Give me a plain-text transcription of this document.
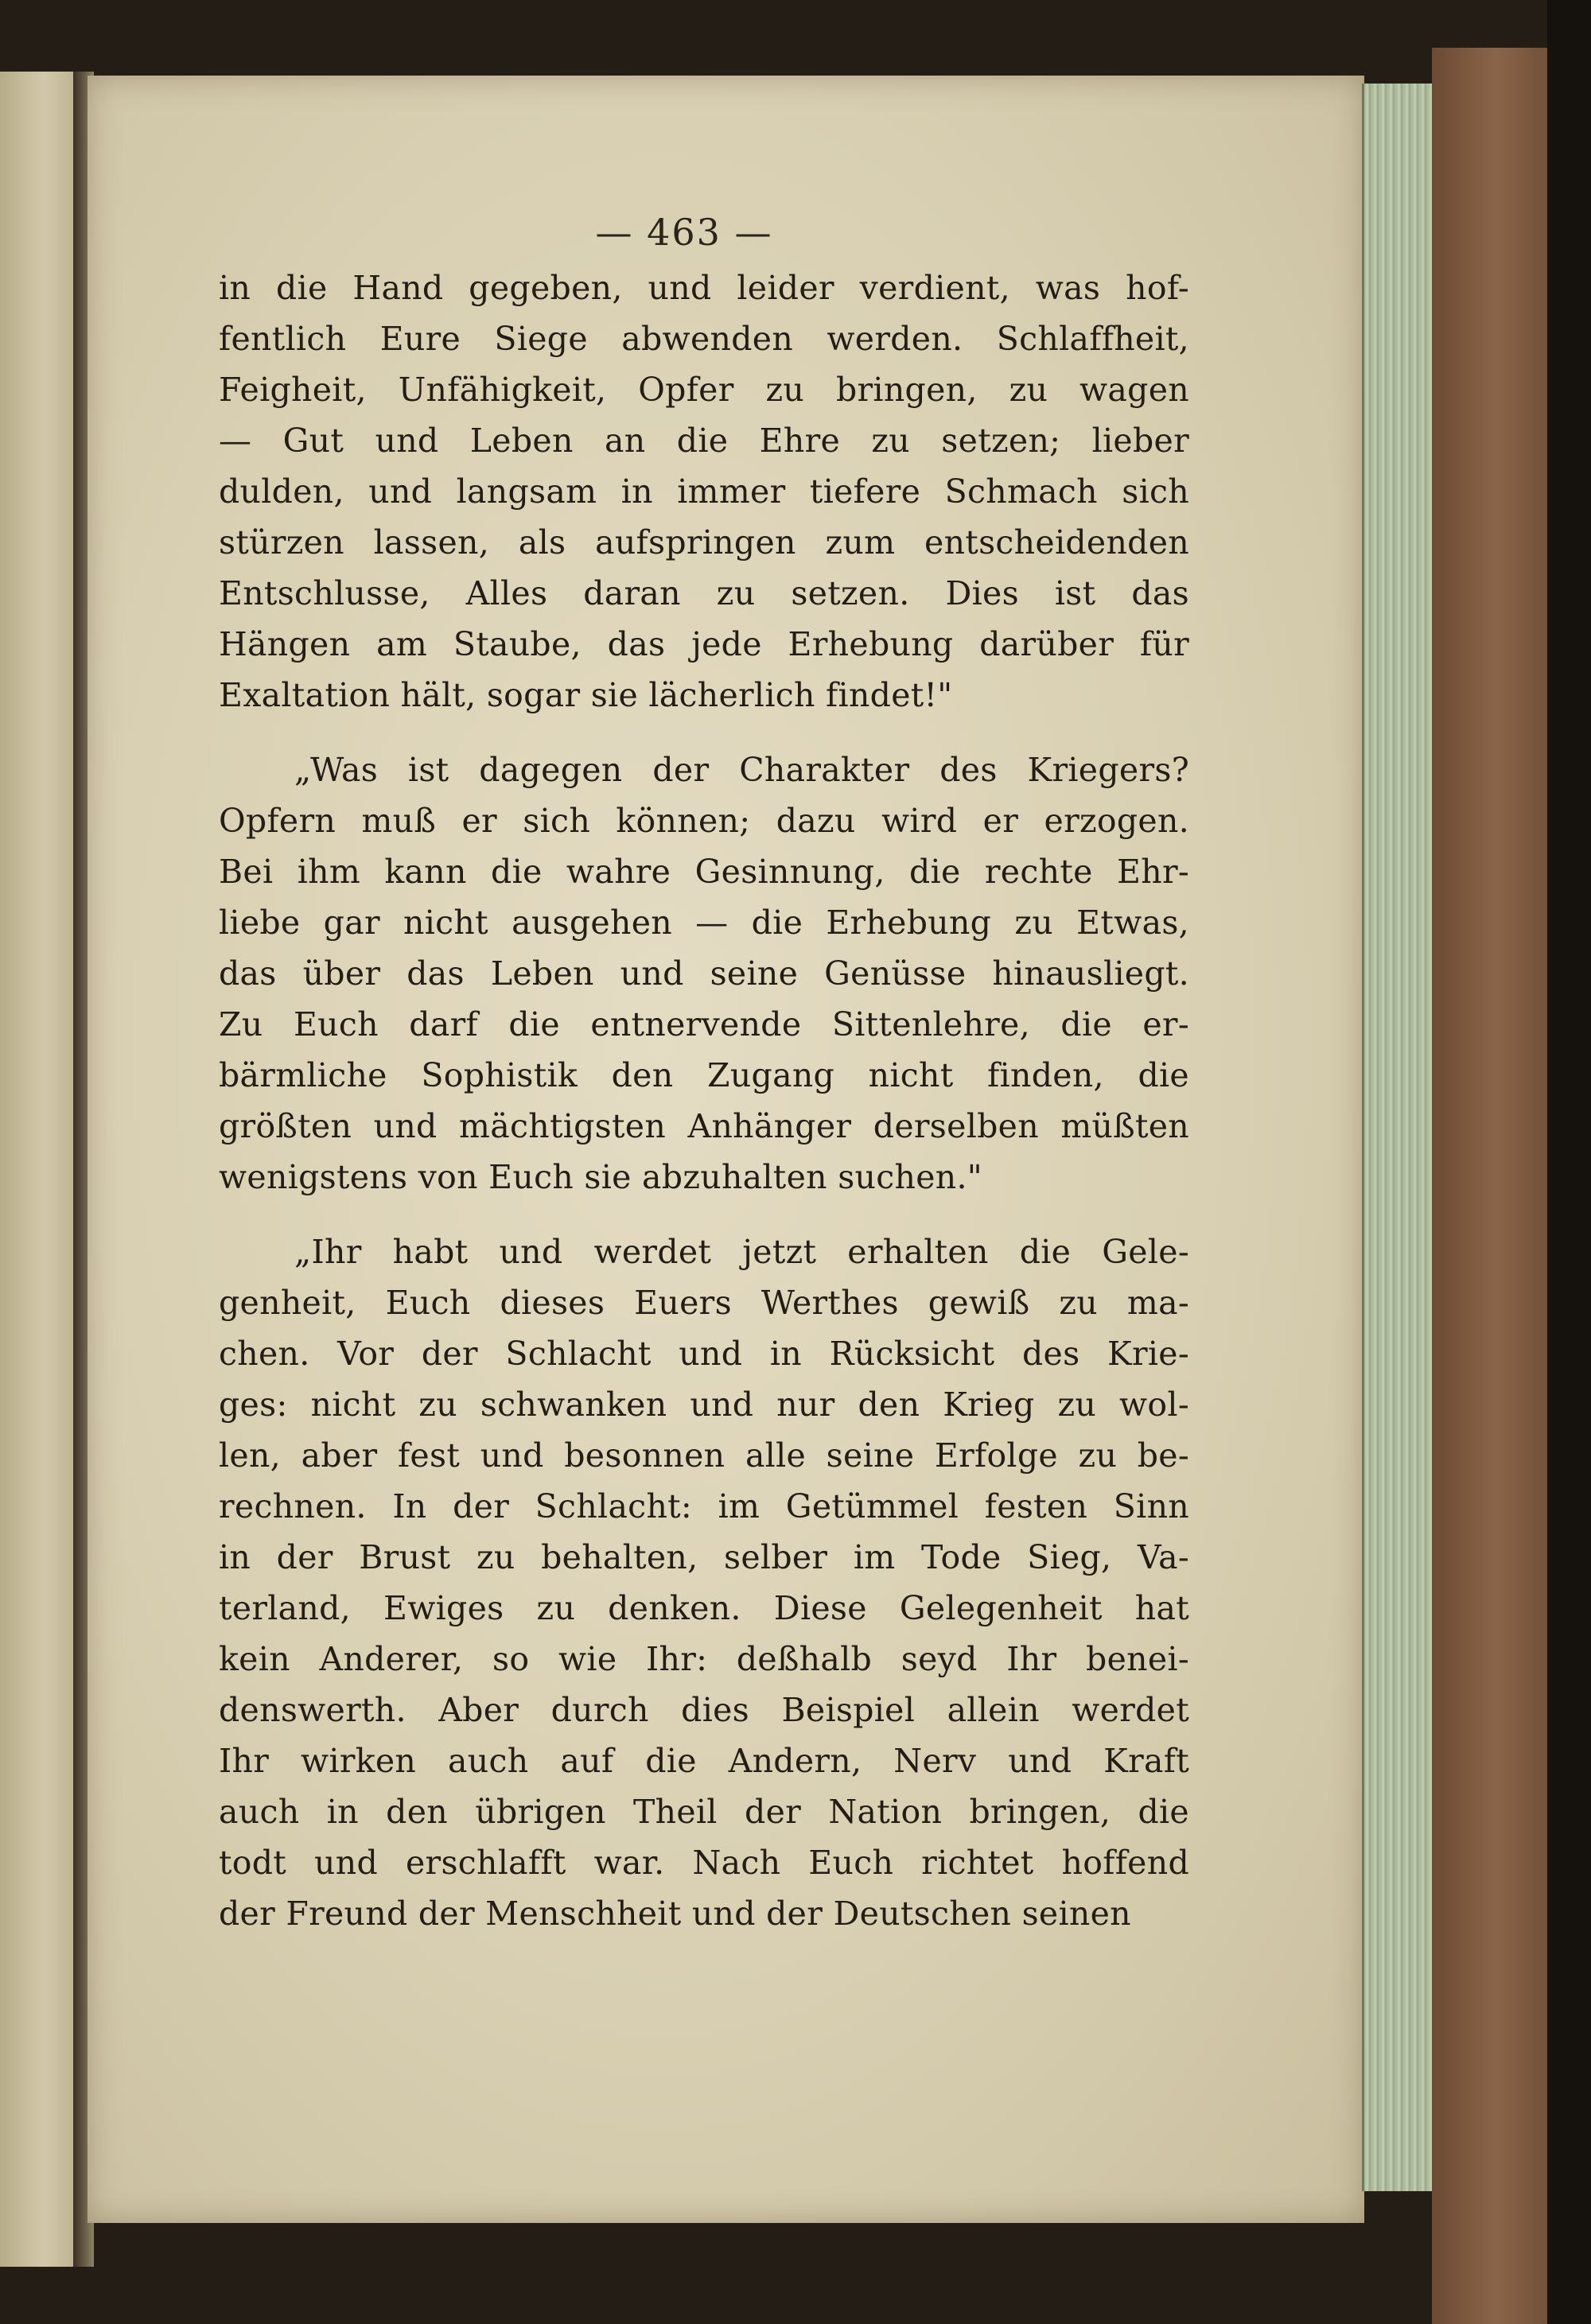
— 463 —
in die Hand gegeben, und leider verdient, was hof-
fentlich Eure Siege abwenden werden. Schlaffheit,
Feigheit, Unfähigkeit, Opfer zu bringen, zu wagen
— Gut und Leben an die Ehre zu setzen; lieber
dulden, und langsam in immer tiefere Schmach sich
stürzen lassen, als aufspringen zum entscheidenden
Entschlusse, Alles daran zu setzen. Dies ist das
Hängen am Staube, das jede Erhebung darüber für
Exaltation hält, sogar sie lächerlich findet!"
„Was ist dagegen der Charakter des Kriegers?
Opfern muß er sich können; dazu wird er erzogen.
Bei ihm kann die wahre Gesinnung, die rechte Ehr-
liebe gar nicht ausgehen — die Erhebung zu Etwas,
das über das Leben und seine Genüsse hinausliegt.
Zu Euch darf die entnervende Sittenlehre, die er-
bärmliche Sophistik den Zugang nicht finden, die
größten und mächtigsten Anhänger derselben müßten
wenigstens von Euch sie abzuhalten suchen."
„Ihr habt und werdet jetzt erhalten die Gele-
genheit, Euch dieses Euers Werthes gewiß zu ma-
chen. Vor der Schlacht und in Rücksicht des Krie-
ges: nicht zu schwanken und nur den Krieg zu wol-
len, aber fest und besonnen alle seine Erfolge zu be-
rechnen. In der Schlacht: im Getümmel festen Sinn
in der Brust zu behalten, selber im Tode Sieg, Va-
terland, Ewiges zu denken. Diese Gelegenheit hat
kein Anderer, so wie Ihr: deßhalb seyd Ihr benei-
denswerth. Aber durch dies Beispiel allein werdet
Ihr wirken auch auf die Andern, Nerv und Kraft
auch in den übrigen Theil der Nation bringen, die
todt und erschlafft war. Nach Euch richtet hoffend
der Freund der Menschheit und der Deutschen seinen
